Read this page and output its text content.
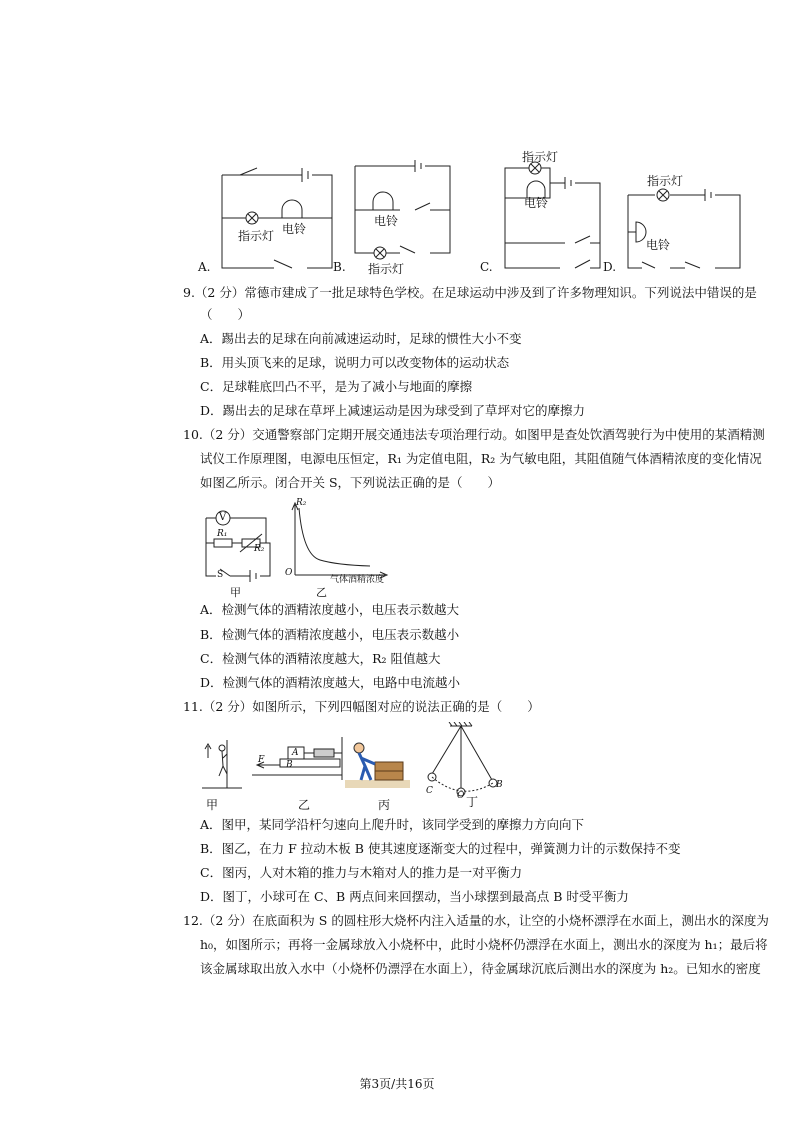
指示灯 电铃
A.
电铃
指示灯
B.
指示灯
电铃
C.
指示灯
电铃
D.
9.（2 分）常德市建成了一批足球特色学校。在足球运动中涉及到了许多物理知识。下列说法中错误的是
（　　）
A．踢出去的足球在向前减速运动时，足球的惯性大小不变
B．用头顶飞来的足球，说明力可以改变物体的运动状态
C．足球鞋底凹凸不平，是为了减小与地面的摩擦
D．踢出去的足球在草坪上减速运动是因为球受到了草坪对它的摩擦力
10.（2 分）交通警察部门定期开展交通违法专项治理行动。如图甲是查处饮酒驾驶行为中使用的某酒精测
试仪工作原理图，电源电压恒定，R₁ 为定值电阻，R₂ 为气敏电阻，其阻值随气体酒精浓度的变化情况
如图乙所示。闭合开关 S，下列说法正确的是（　　）
V
R₁
R₂
S
甲
R₂
O
气体酒精浓度
乙
A．检测气体的酒精浓度越小，电压表示数越大
B．检测气体的酒精浓度越小，电压表示数越小
C．检测气体的酒精浓度越大，R₂ 阻值越大
D．检测气体的酒精浓度越大，电路中电流越小
11.（2 分）如图所示，下列四幅图对应的说法正确的是（　　）
A
B
F
C
B
O
甲	乙	丙	丁
A．图甲，某同学沿杆匀速向上爬升时，该同学受到的摩擦力方向向下
B．图乙，在力 F 拉动木板 B 使其速度逐渐变大的过程中，弹簧测力计的示数保持不变
C．图丙，人对木箱的推力与木箱对人的推力是一对平衡力
D．图丁，小球可在 C、B 两点间来回摆动，当小球摆到最高点 B 时受平衡力
12.（2 分）在底面积为 S 的圆柱形大烧杯内注入适量的水，让空的小烧杯漂浮在水面上，测出水的深度为
h₀，如图所示；再将一金属球放入小烧杯中，此时小烧杯仍漂浮在水面上，测出水的深度为 h₁；最后将
该金属球取出放入水中（小烧杯仍漂浮在水面上），待金属球沉底后测出水的深度为 h₂。已知水的密度
第3页/共16页
